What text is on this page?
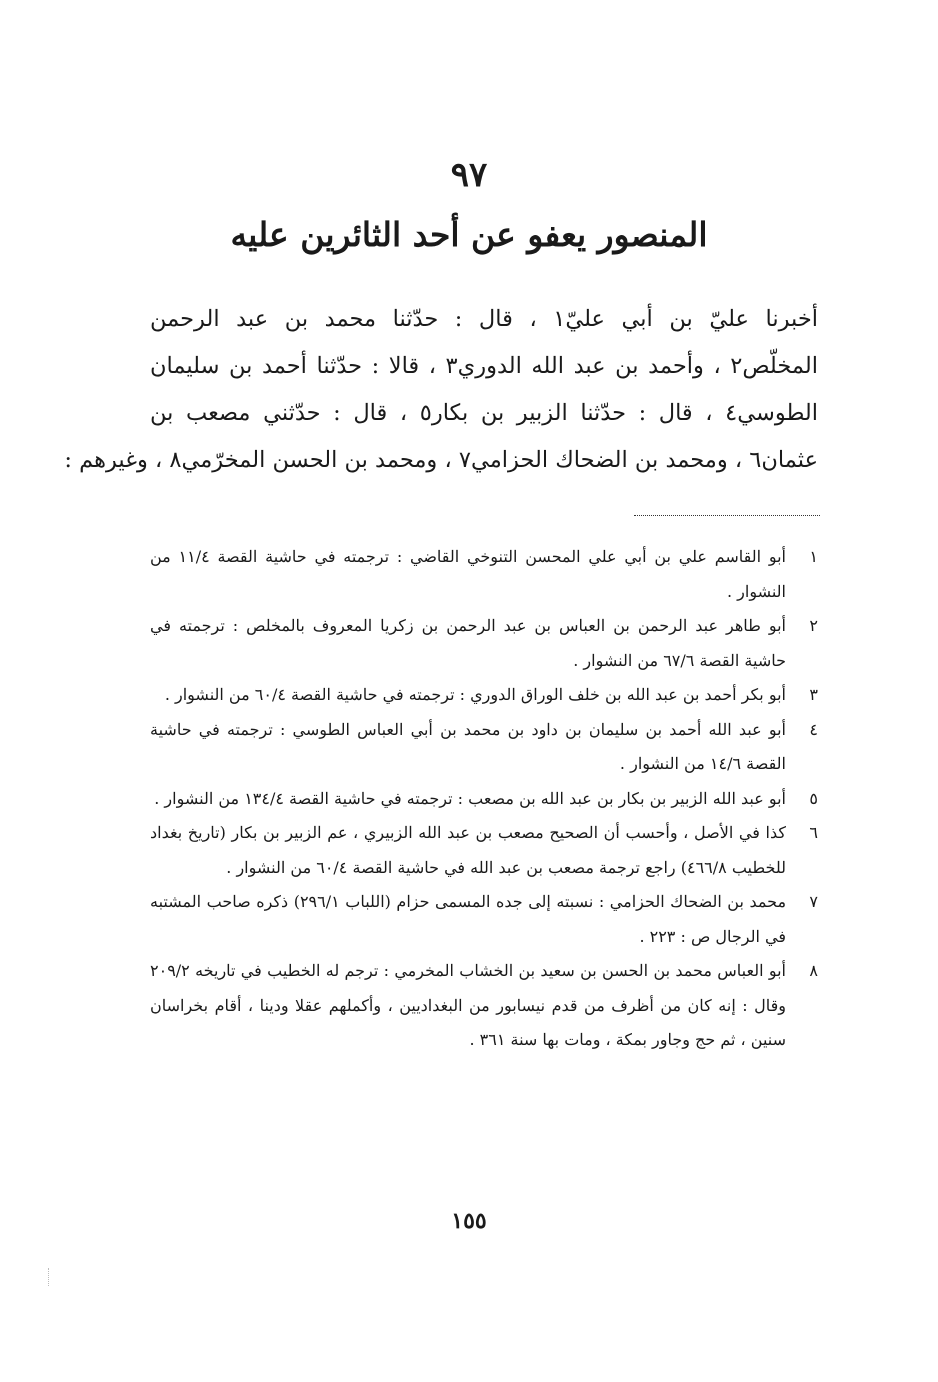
٩٧
المنصور يعفو عن أحد الثائرين عليه
أخبرنا عليّ بن أبي عليّ١ ، قال : حدّثنا محمد بن عبد الرحمن
المخلّص٢ ، وأحمد بن عبد الله الدوري٣ ، قالا : حدّثنا أحمد بن سليمان
الطوسي٤ ، قال : حدّثنا الزبير بن بكار٥ ، قال : حدّثني مصعب بن
عثمان٦ ، ومحمد بن الضحاك الحزامي٧ ، ومحمد بن الحسن المخرّمي٨ ، وغيرهم :
١
أبو القاسم علي بن أبي علي المحسن التنوخي القاضي : ترجمته في حاشية القصة ١١/٤ من النشوار .
٢
أبو طاهر عبد الرحمن بن العباس بن عبد الرحمن بن زكريا المعروف بالمخلص : ترجمته في حاشية القصة ٦٧/٦ من النشوار .
٣
أبو بكر أحمد بن عبد الله بن خلف الوراق الدوري : ترجمته في حاشية القصة ٦٠/٤ من النشوار .
٤
أبو عبد الله أحمد بن سليمان بن داود بن محمد بن أبي العباس الطوسي : ترجمته في حاشية القصة ١٤/٦ من النشوار .
٥
أبو عبد الله الزبير بن بكار بن عبد الله بن مصعب : ترجمته في حاشية القصة ١٣٤/٤ من النشوار .
٦
كذا في الأصل ، وأحسب أن الصحيح مصعب بن عبد الله الزبيري ، عم الزبير بن بكار (تاريخ بغداد للخطيب ٤٦٦/٨) راجع ترجمة مصعب بن عبد الله في حاشية القصة ٦٠/٤ من النشوار .
٧
محمد بن الضحاك الحزامي : نسبته إلى جده المسمى حزام (اللباب ٢٩٦/١) ذكره صاحب المشتبه في الرجال ص : ٢٢٣ .
٨
أبو العباس محمد بن الحسن بن سعيد بن الخشاب المخرمي : ترجم له الخطيب في تاريخه ٢٠٩/٢ وقال : إنه كان من أظرف من قدم نيسابور من البغداديين ، وأكملهم عقلا ودينا ، أقام بخراسان سنين ، ثم حج وجاور بمكة ، ومات بها سنة ٣٦١ .
١٥٥
